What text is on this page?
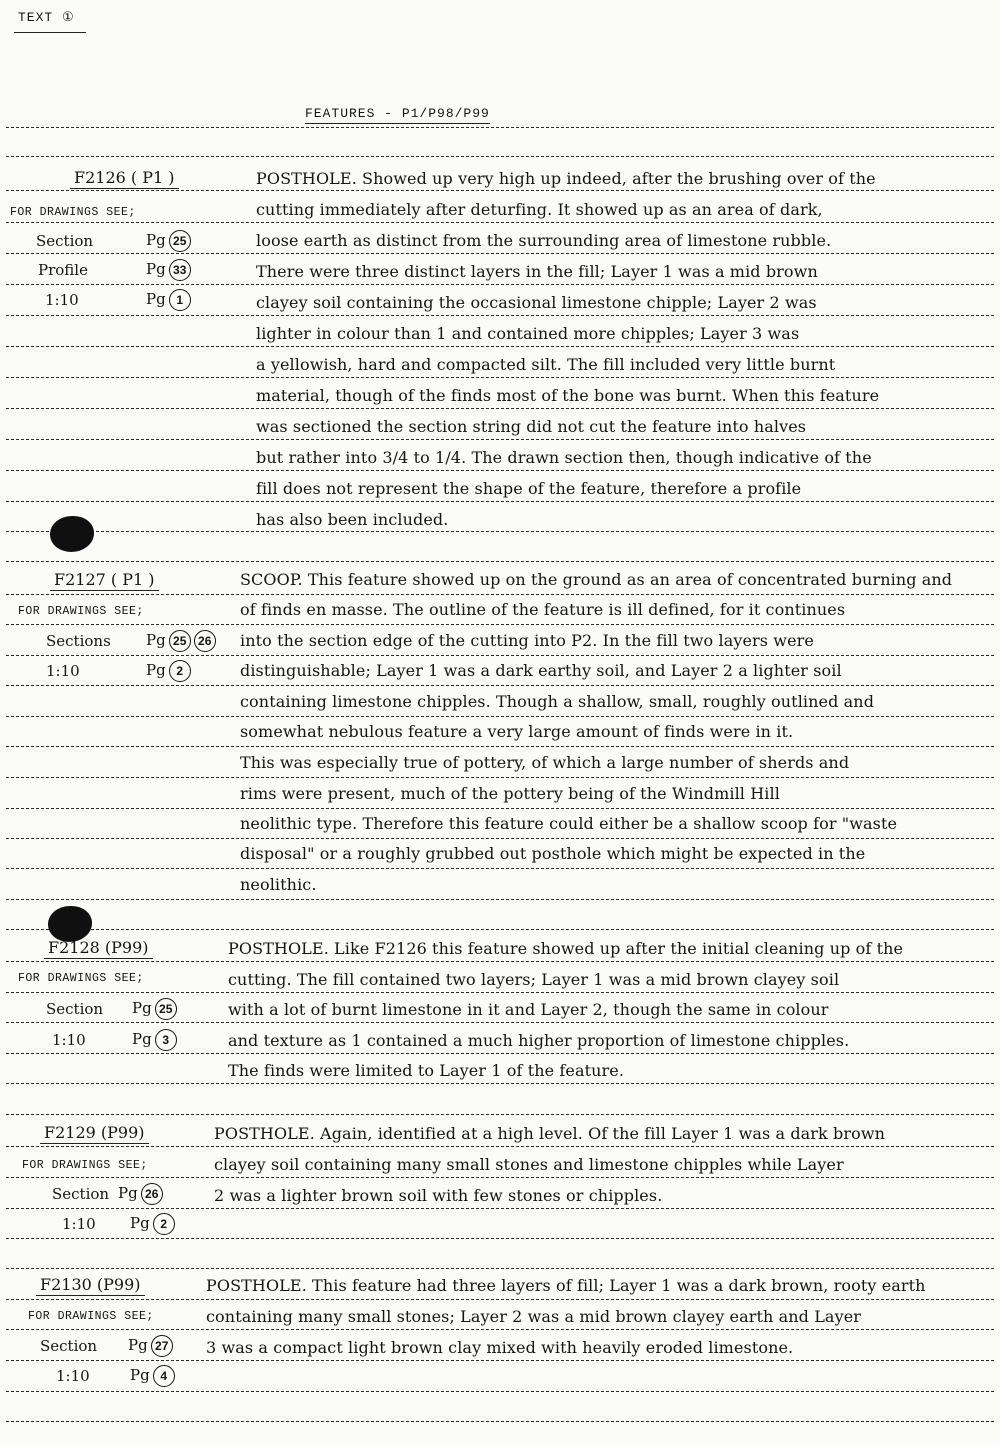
TEXT ①
FEATURES - P1/P98/P99
F2126 ( P1 )
FOR DRAWINGS SEE;
Section	Pg 25
Profile	Pg 33
1:10	Pg 1
POSTHOLE. Showed up very high up indeed, after the brushing over of the
cutting immediately after deturfing. It showed up as an area of dark,
loose earth as distinct from the surrounding area of limestone rubble.
There were three distinct layers in the fill; Layer 1 was a mid brown
clayey soil containing the occasional limestone chipple; Layer 2 was
lighter in colour than 1 and contained more chipples; Layer 3 was
a yellowish, hard and compacted silt. The fill included very little burnt
material, though of the finds most of the bone was burnt. When this feature
was sectioned the section string did not cut the feature into halves
but rather into 3/4 to 1/4. The drawn section then, though indicative of the
fill does not represent the shape of the feature, therefore a profile
has also been included.
F2127 ( P1 )
FOR DRAWINGS SEE;
Sections Pg 25 26
1:10	Pg 2
SCOOP. This feature showed up on the ground as an area of concentrated burning and
of finds en masse. The outline of the feature is ill defined, for it continues
into the section edge of the cutting into P2. In the fill two layers were
distinguishable; Layer 1 was a dark earthy soil, and Layer 2 a lighter soil
containing limestone chipples. Though a shallow, small, roughly outlined and
somewhat nebulous feature a very large amount of finds were in it.
This was especially true of pottery, of which a large number of sherds and
rims were present, much of the pottery being of the Windmill Hill
neolithic type. Therefore this feature could either be a shallow scoop for "waste
disposal" or a roughly grubbed out posthole which might be expected in the
neolithic.
F2128 (P99)
FOR DRAWINGS SEE;
Section Pg 25
1:10	Pg 3
POSTHOLE. Like F2126 this feature showed up after the initial cleaning up of the
cutting. The fill contained two layers; Layer 1 was a mid brown clayey soil
with a lot of burnt limestone in it and Layer 2, though the same in colour
and texture as 1 contained a much higher proportion of limestone chipples.
The finds were limited to Layer 1 of the feature.
F2129 (P99)
FOR DRAWINGS SEE;
Section Pg 26
1:10 Pg 2
POSTHOLE. Again, identified at a high level. Of the fill Layer 1 was a dark brown
clayey soil containing many small stones and limestone chipples while Layer
2 was a lighter brown soil with few stones or chipples.
F2130 (P99)
FOR DRAWINGS SEE;
Section Pg 27
1:10	Pg 4
POSTHOLE. This feature had three layers of fill; Layer 1 was a dark brown, rooty earth
containing many small stones; Layer 2 was a mid brown clayey earth and Layer
3 was a compact light brown clay mixed with heavily eroded limestone.
